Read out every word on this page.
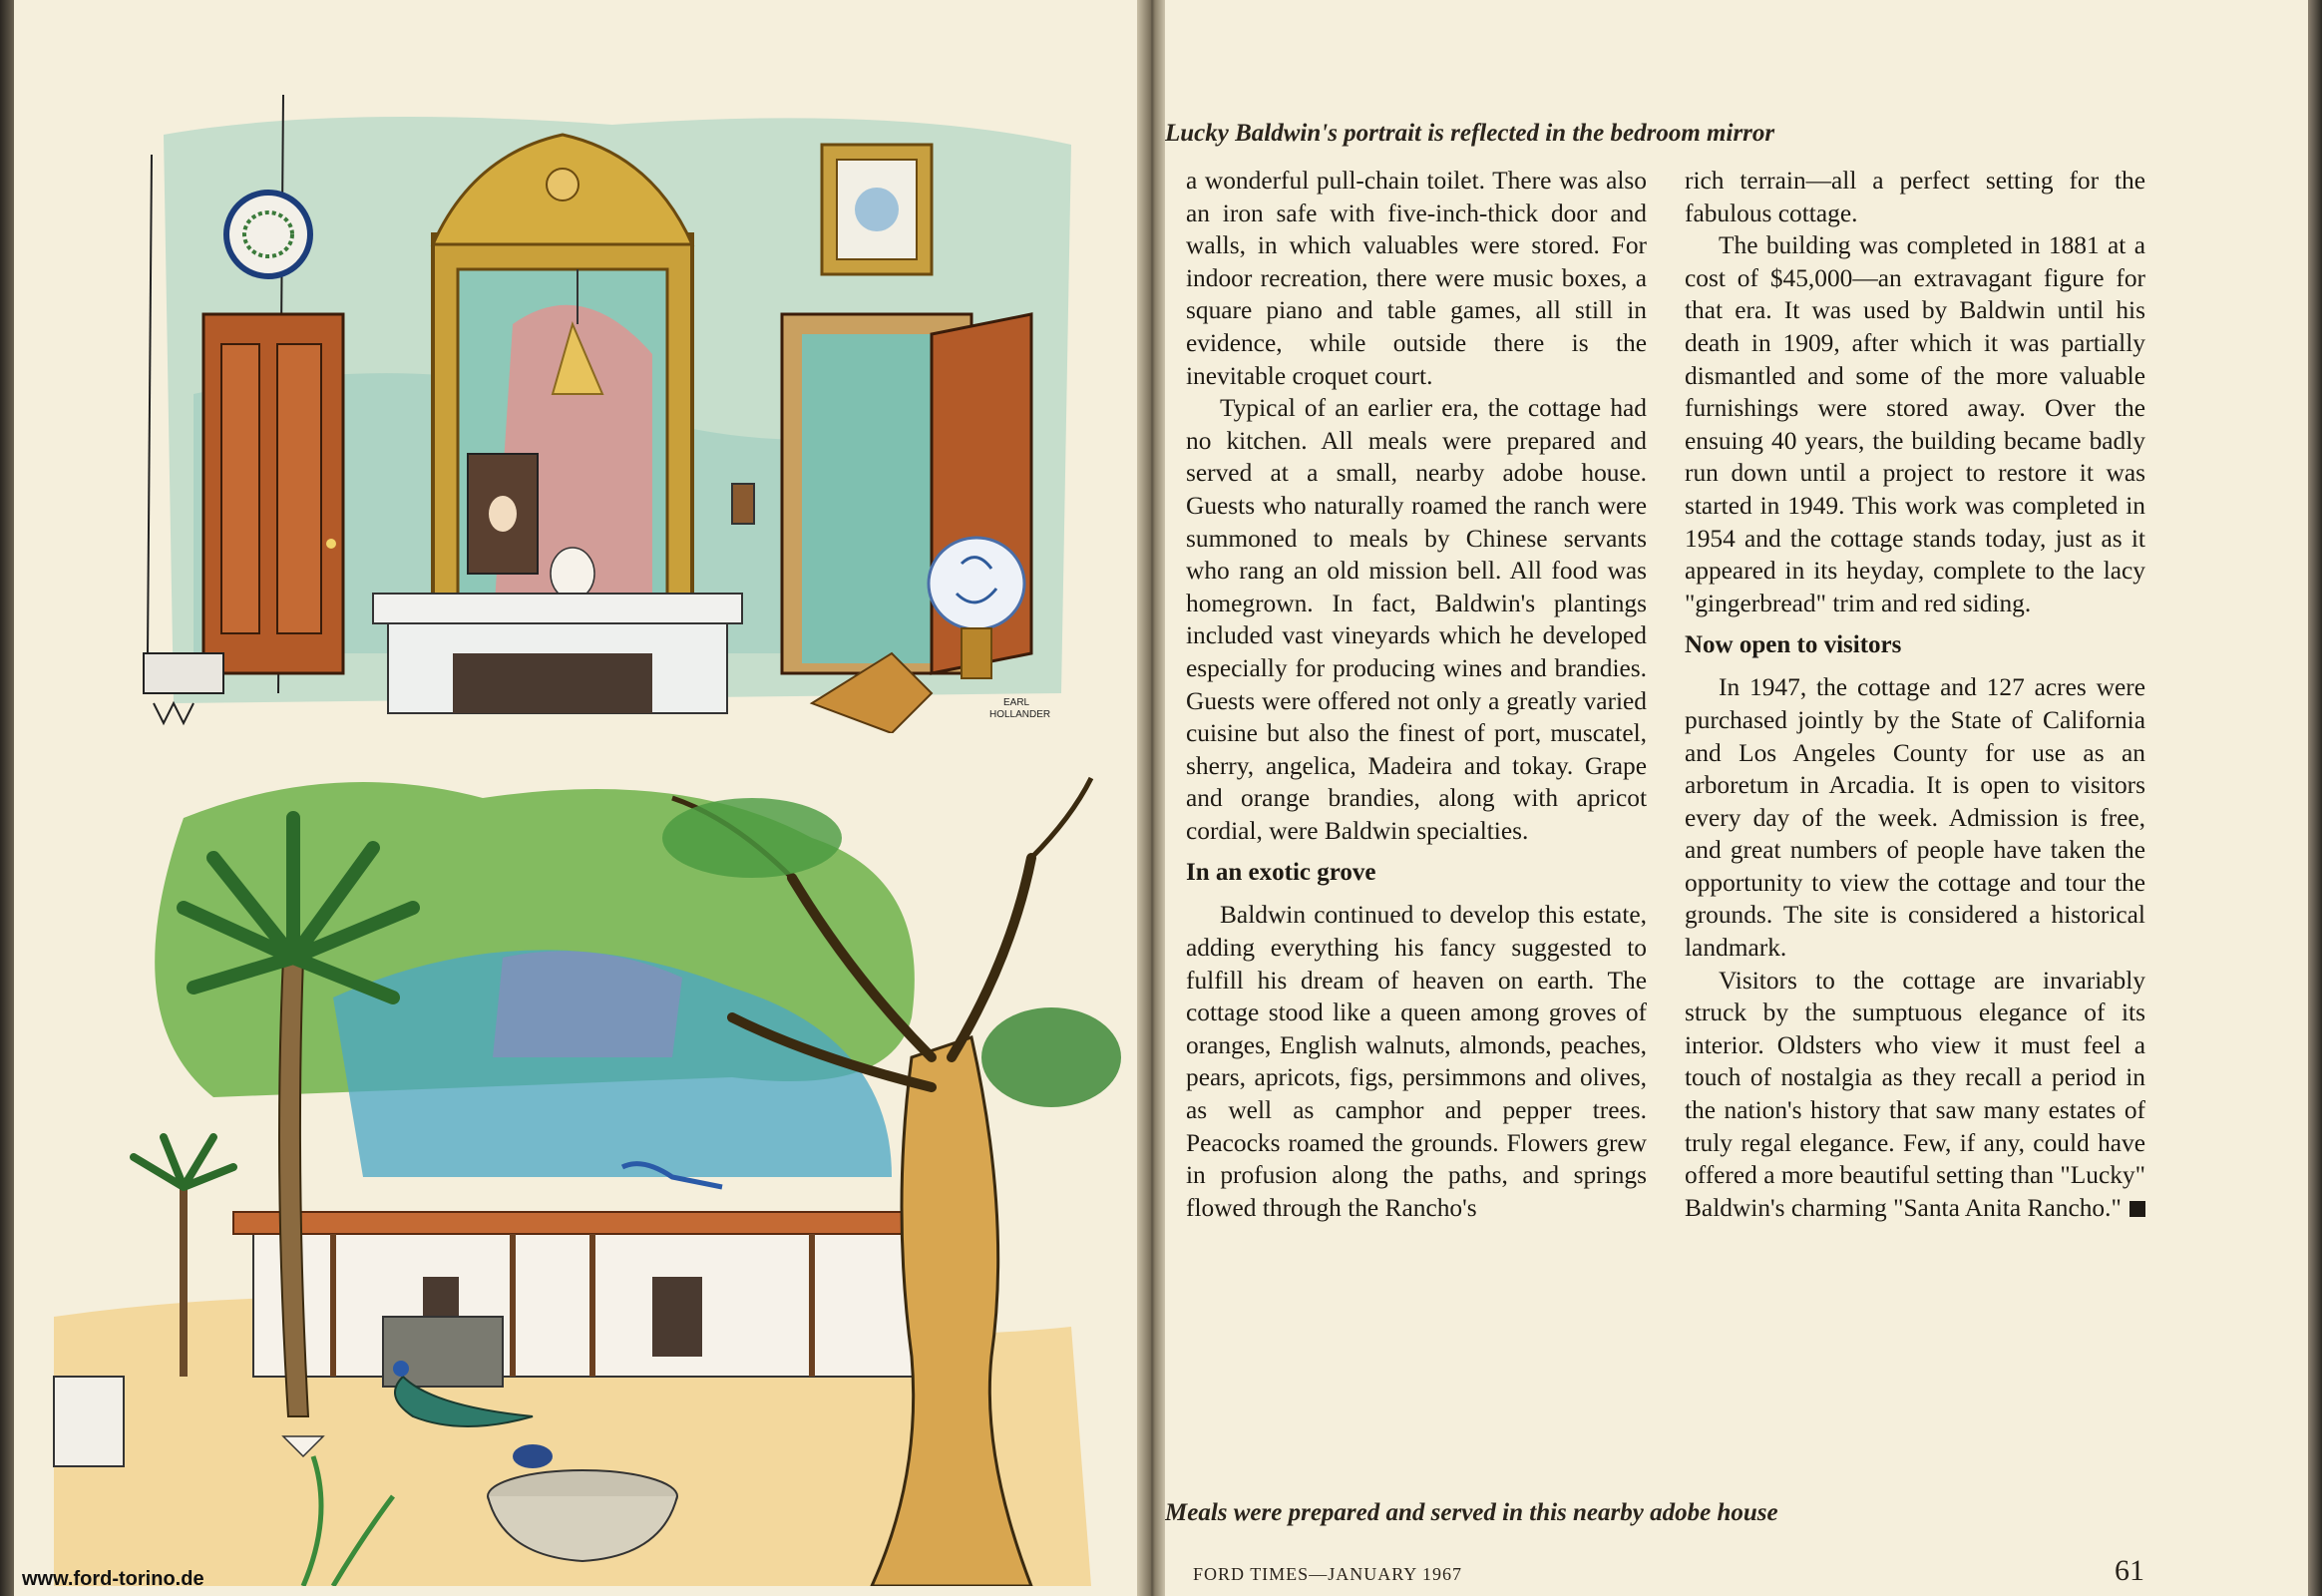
EARL
HOLLANDER
www.ford-torino.de
Lucky Baldwin's portrait is reflected in the bedroom mirror

a wonderful pull-chain toilet. There was also an iron safe with five-inch-thick door and walls, in which valuables were stored. For indoor recreation, there were music boxes, a square piano and table games, all still in evidence, while outside there is the inevitable croquet court.

Typical of an earlier era, the cottage had no kitchen. All meals were prepared and served at a small, nearby adobe house. Guests who naturally roamed the ranch were summoned to meals by Chinese servants who rang an old mission bell. All food was homegrown. In fact, Baldwin's plantings included vast vineyards which he developed especially for producing wines and brandies. Guests were offered not only a greatly varied cuisine but also the finest of port, muscatel, sherry, angelica, Madeira and tokay. Grape and orange brandies, along with apricot cordial, were Baldwin specialties.

In an exotic grove

Baldwin continued to develop this estate, adding everything his fancy suggested to fulfill his dream of heaven on earth. The cottage stood like a queen among groves of oranges, English walnuts, almonds, peaches, pears, apricots, figs, persimmons and olives, as well as camphor and pepper trees. Peacocks roamed the grounds. Flowers grew in profusion along the paths, and springs flowed through the Rancho's

rich terrain—all a perfect setting for the fabulous cottage.

The building was completed in 1881 at a cost of $45,000—an extravagant figure for that era. It was used by Baldwin until his death in 1909, after which it was partially dismantled and some of the more valuable furnishings were stored away. Over the ensuing 40 years, the building became badly run down until a project to restore it was started in 1949. This work was completed in 1954 and the cottage stands today, just as it appeared in its heyday, complete to the lacy "gingerbread" trim and red siding.

Now open to visitors

In 1947, the cottage and 127 acres were purchased jointly by the State of California and Los Angeles County for use as an arboretum in Arcadia. It is open to visitors every day of the week. Admission is free, and great numbers of people have taken the opportunity to view the cottage and tour the grounds. The site is considered a historical landmark.

Visitors to the cottage are invariably struck by the sumptuous elegance of its interior. Oldsters who view it must feel a touch of nostalgia as they recall a period in the nation's history that saw many estates of truly regal elegance. Few, if any, could have offered a more beautiful setting than "Lucky" Baldwin's charming "Santa Anita Rancho."

Meals were prepared and served in this nearby adobe house
FORD TIMES—JANUARY 1967	61
